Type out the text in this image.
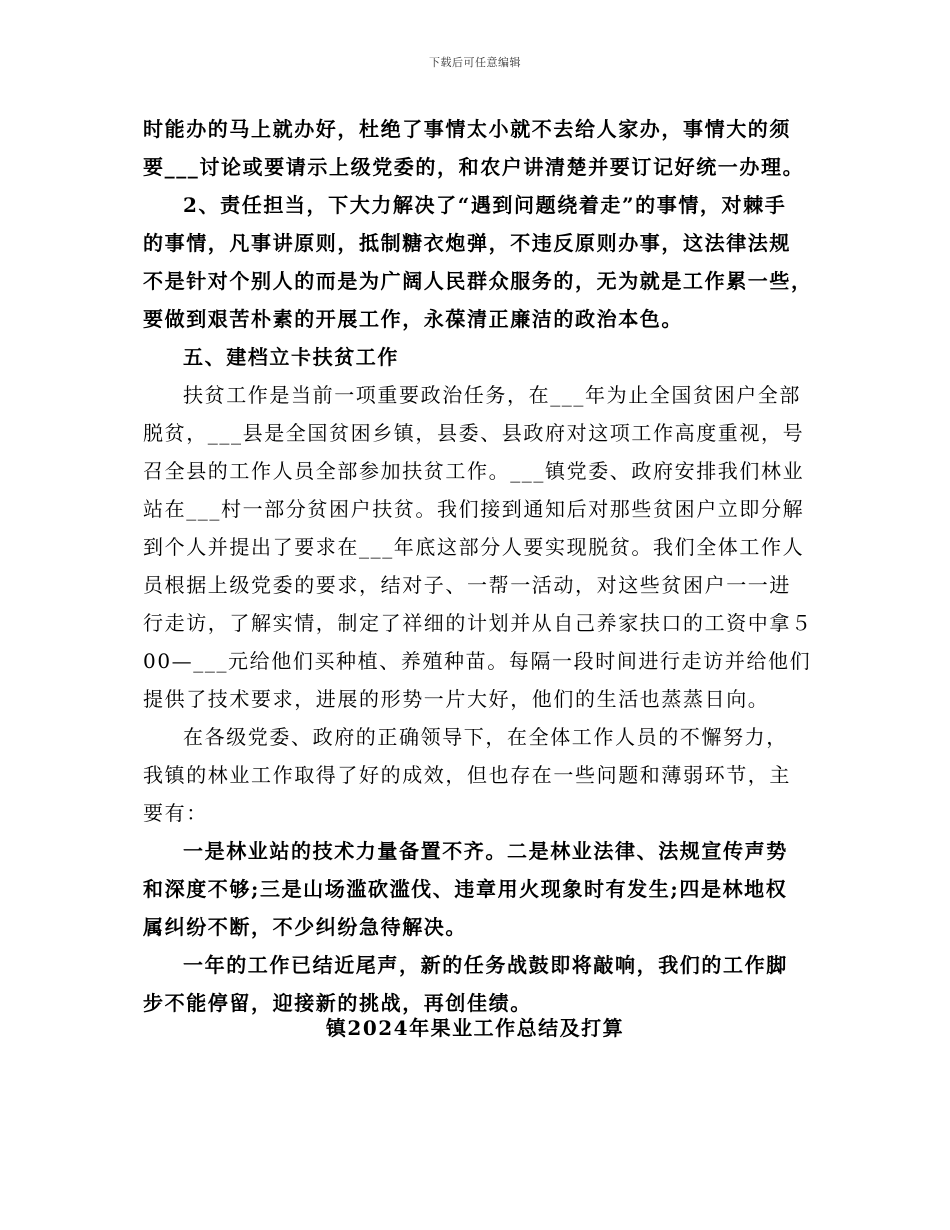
下载后可任意编辑
时能办的马上就办好，杜绝了事情太小就不去给人家办，事情大的须
要___讨论或要请示上级党委的，和农户讲清楚并要订记好统一办理。
2、责任担当，下大力解决了“遇到问题绕着走”的事情，对棘手
的事情，凡事讲原则，抵制糖衣炮弹，不违反原则办事，这法律法规
不是针对个别人的而是为广阔人民群众服务的，无为就是工作累一些，
要做到艰苦朴素的开展工作，永葆清正廉洁的政治本色。
五、建档立卡扶贫工作
扶贫工作是当前一项重要政治任务，在___年为止全国贫困户全部
脱贫，___县是全国贫困乡镇，县委、县政府对这项工作高度重视，号
召全县的工作人员全部参加扶贫工作。___镇党委、政府安排我们林业
站在___村一部分贫困户扶贫。我们接到通知后对那些贫困户立即分解
到个人并提出了要求在___年底这部分人要实现脱贫。我们全体工作人
员根据上级党委的要求，结对子、一帮一活动，对这些贫困户一一进
行走访，了解实情，制定了祥细的计划并从自己养家扶口的工资中拿５
00—___元给他们买种植、养殖种苗。每隔一段时间进行走访并给他们
提供了技术要求，进展的形势一片大好，他们的生活也蒸蒸日向。
在各级党委、政府的正确领导下，在全体工作人员的不懈努力，
我镇的林业工作取得了好的成效，但也存在一些问题和薄弱环节，主
要有：
一是林业站的技术力量备置不齐。二是林业法律、法规宣传声势
和深度不够;三是山场滥砍滥伐、违章用火现象时有发生;四是林地权
属纠纷不断，不少纠纷急待解决。
一年的工作已结近尾声，新的任务战鼓即将敲响，我们的工作脚
步不能停留，迎接新的挑战，再创佳绩。
镇2024年果业工作总结及打算
